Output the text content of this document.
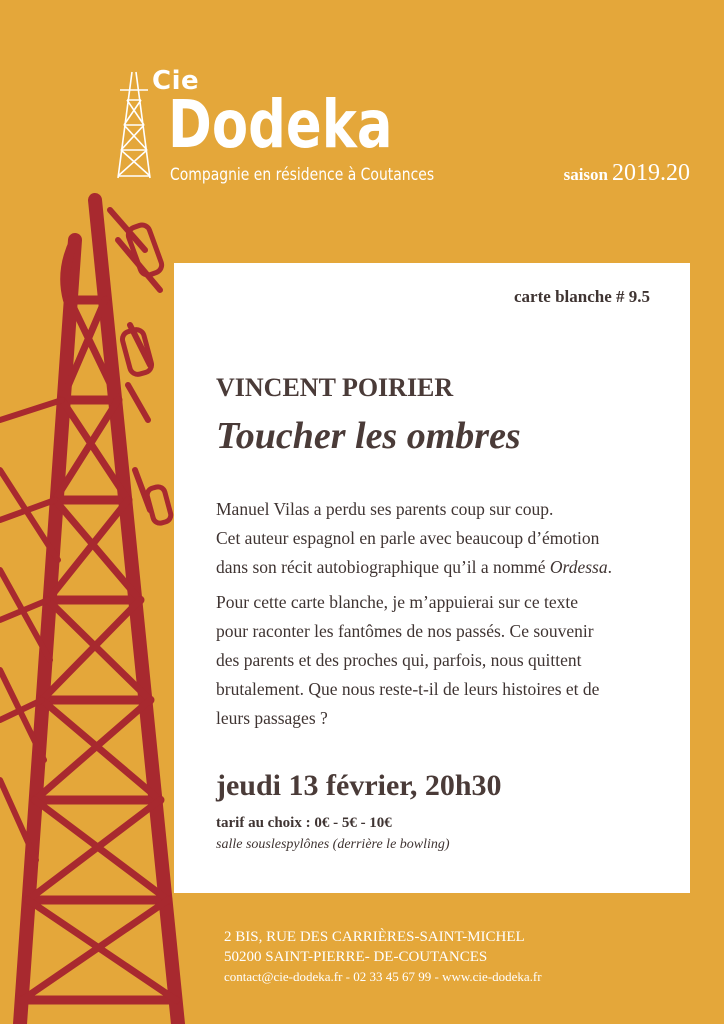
Cie
Dodeka
Compagnie en résidence à Coutances	saison 2019.20
carte blanche # 9.5
VINCENT POIRIER
Toucher les ombres

Manuel Vilas a perdu ses parents coup sur coup.
Cet auteur espagnol en parle avec beaucoup d’émotion
dans son récit autobiographique qu’il a nommé Ordessa.

Pour cette carte blanche, je m’appuierai sur ce texte
pour raconter les fantômes de nos passés. Ce souvenir
des parents et des proches qui, parfois, nous quittent
brutalement. Que nous reste-t-il de leurs histoires et de
leurs passages ?

jeudi 13 février, 20h30
tarif au choix : 0€ - 5€ - 10€
salle souslespylônes (derrière le bowling)
2 BIS, RUE DES CARRIÈRES-SAINT-MICHEL
50200 SAINT-PIERRE- DE-COUTANCES
contact@cie-dodeka.fr - 02 33 45 67 99 - www.cie-dodeka.fr
